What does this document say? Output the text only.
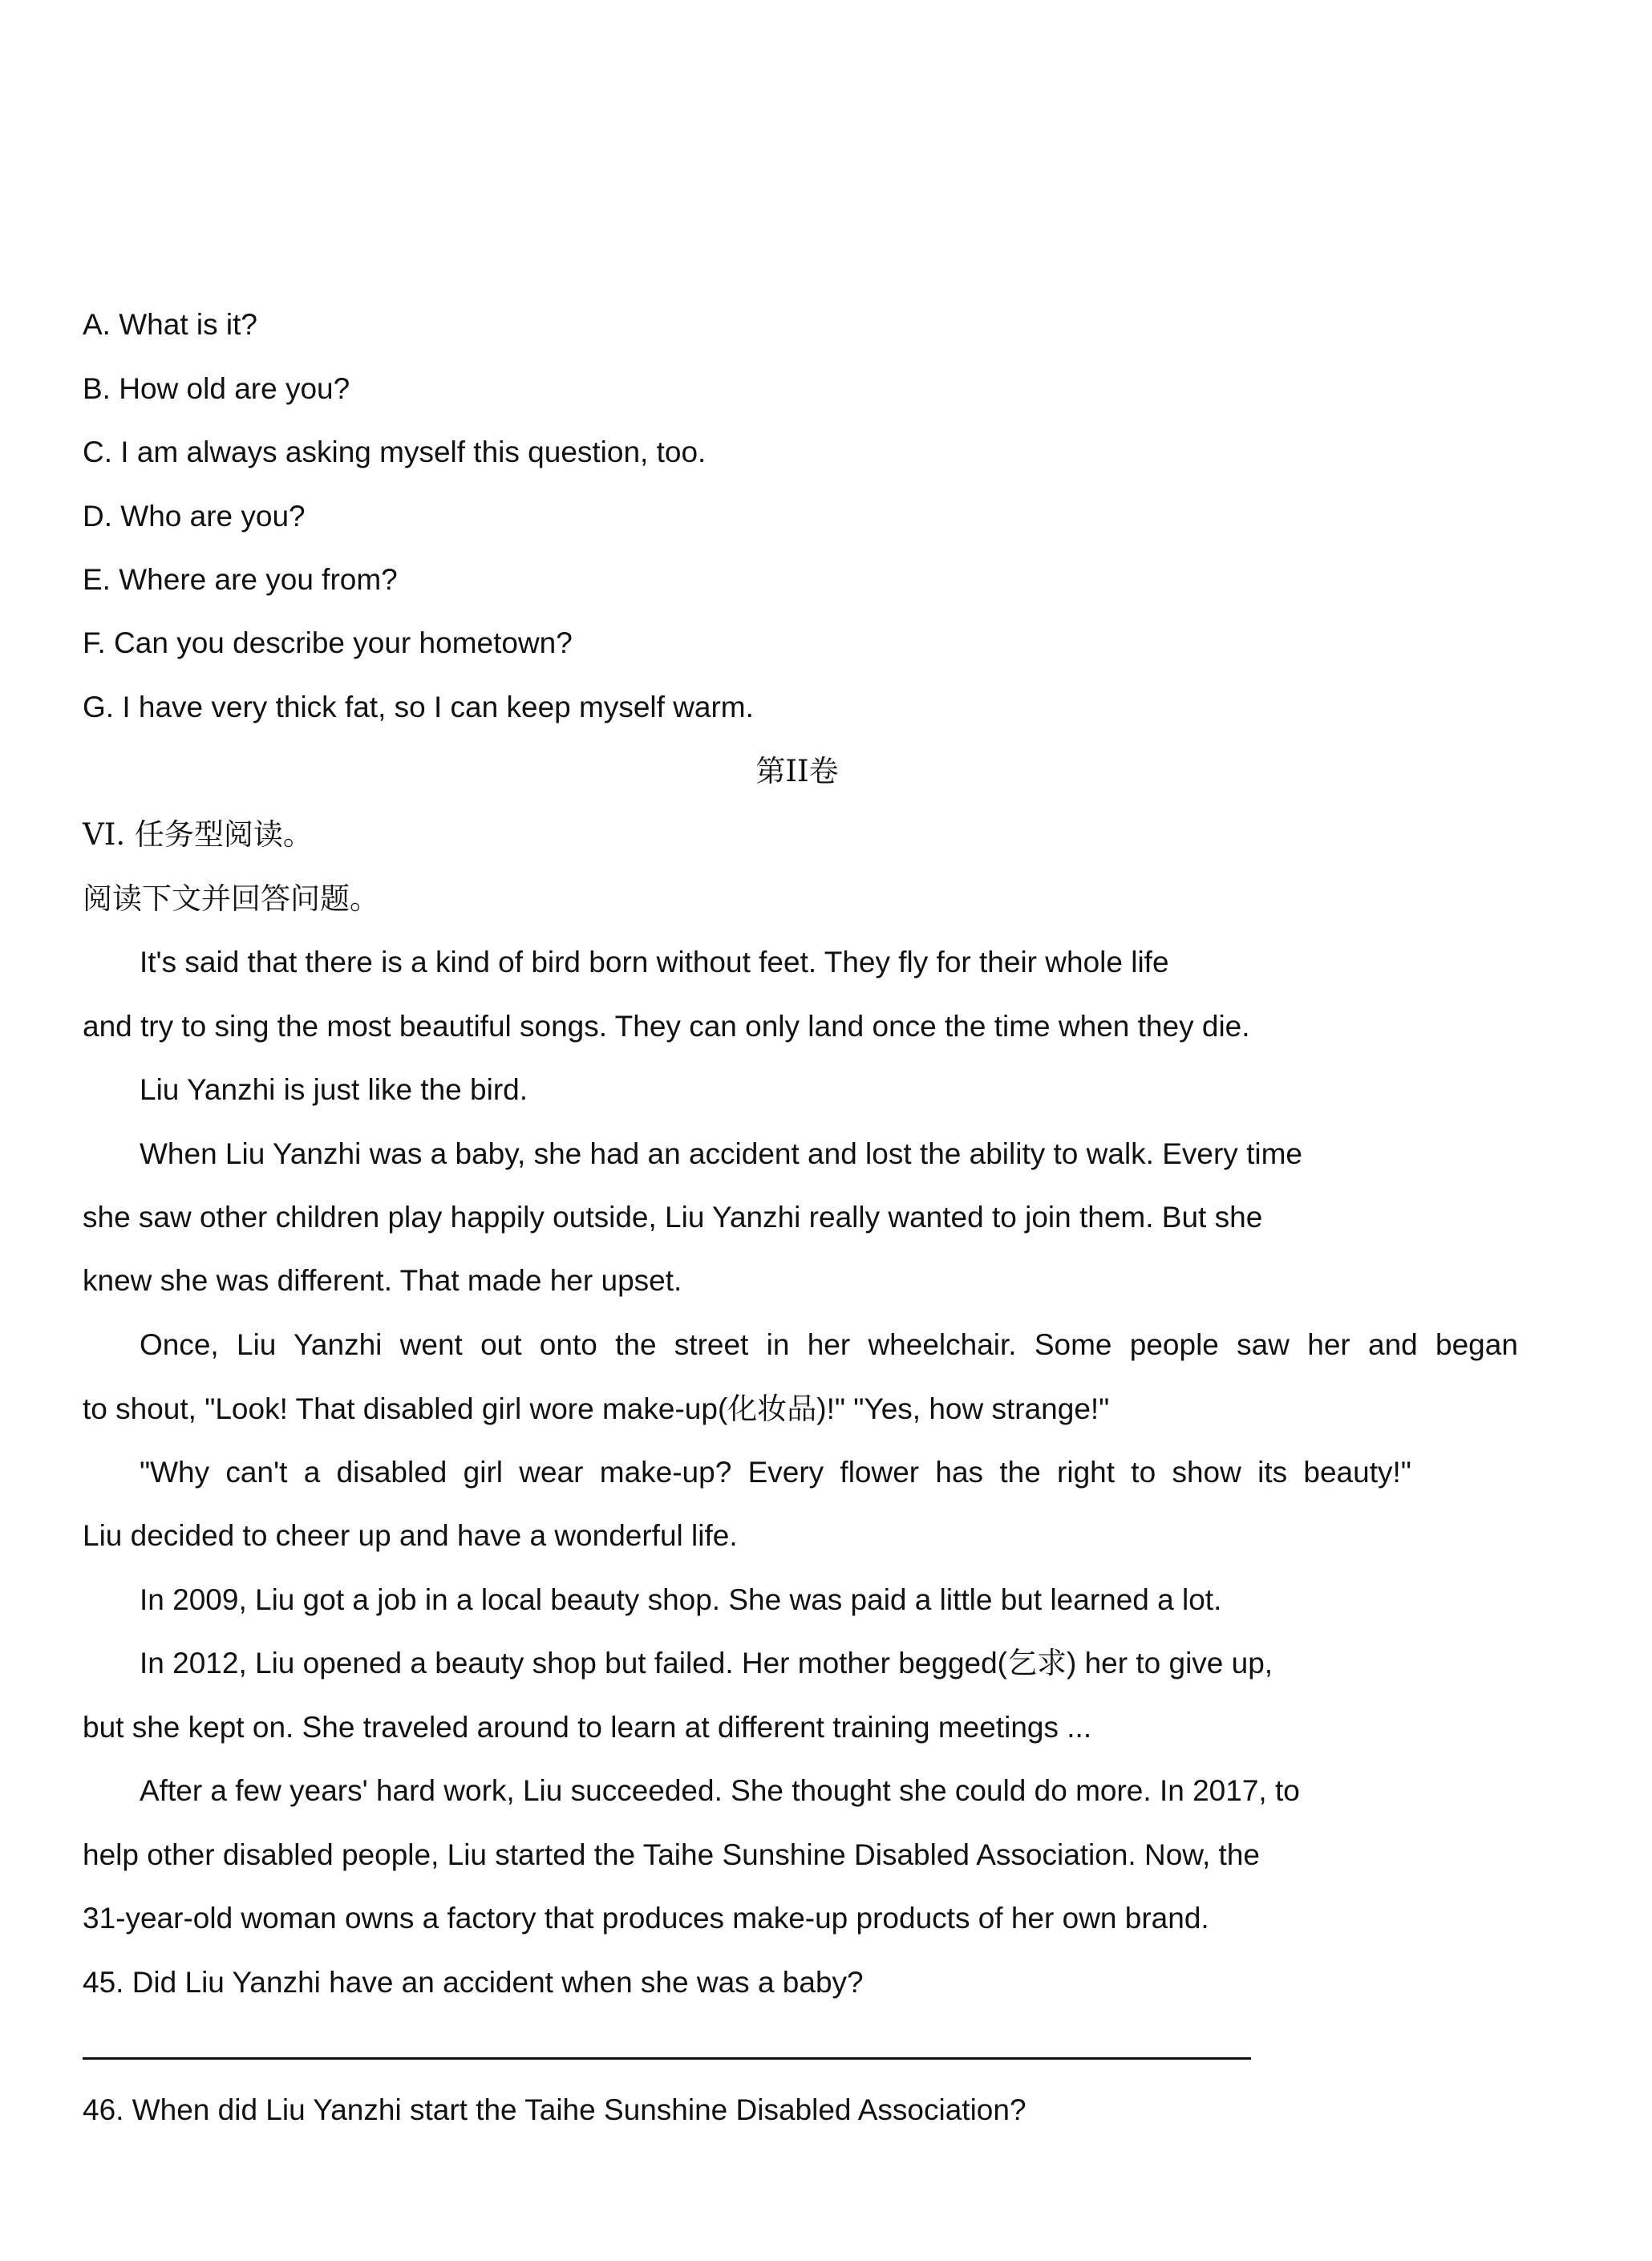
A. What is it?
B. How old are you?
C. I am always asking myself this question, too.
D. Who are you?
E. Where are you from?
F. Can you describe your hometown?
G. I have very thick fat, so I can keep myself warm.
第II卷
VI. 任务型阅读。
阅读下文并回答问题。
It's said that there is a kind of bird born without feet. They fly for their whole life
and try to sing the most beautiful songs. They can only land once the time when they die.
Liu Yanzhi is just like the bird.
When Liu Yanzhi was a baby, she had an accident and lost the ability to walk. Every time
she saw other children play happily outside, Liu Yanzhi really wanted to join them. But she
knew she was different. That made her upset.
Once, Liu Yanzhi went out onto the street in her wheelchair. Some people saw her and began
to shout, "Look! That disabled girl wore make-up(化妆品)!" "Yes, how strange!"
"Why can't a disabled girl wear make-up? Every flower has the right to show its beauty!"
Liu decided to cheer up and have a wonderful life.
In 2009, Liu got a job in a local beauty shop. She was paid a little but learned a lot.
In 2012, Liu opened a beauty shop but failed. Her mother begged(乞求) her to give up,
but she kept on. She traveled around to learn at different training meetings ...
After a few years' hard work, Liu succeeded. She thought she could do more. In 2017, to
help other disabled people, Liu started the Taihe Sunshine Disabled Association. Now, the
31-year-old woman owns a factory that produces make-up products of her own brand.
45. Did Liu Yanzhi have an accident when she was a baby?
46. When did Liu Yanzhi start the Taihe Sunshine Disabled Association?
